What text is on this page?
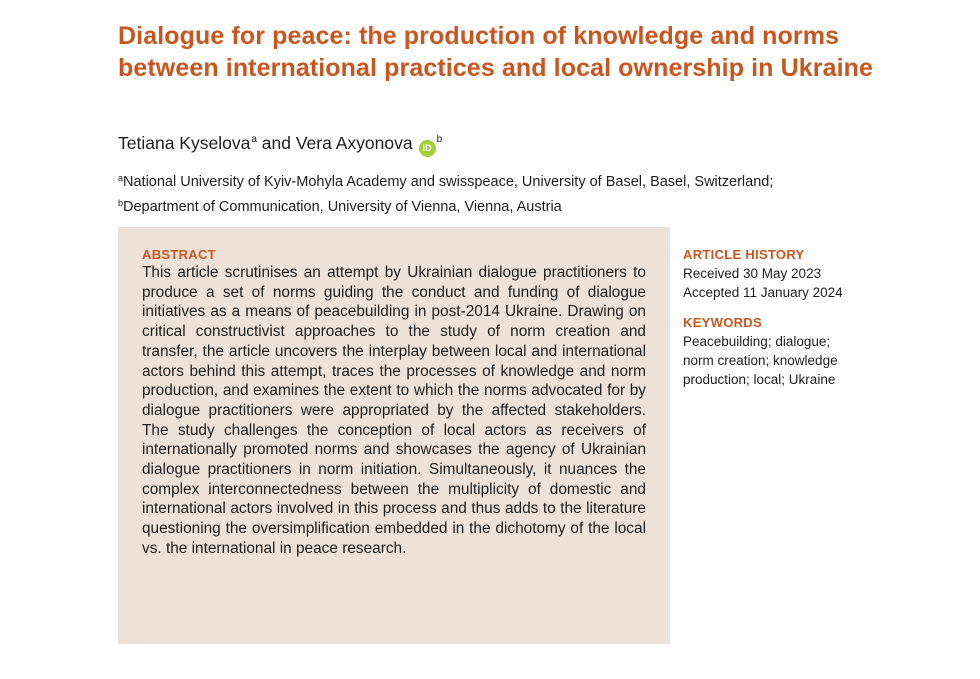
Dialogue for peace: the production of knowledge and norms between international practices and local ownership in Ukraine
Tetiana Kyselova$^a$ and Vera Axyonova $iD^b$
$^a$National University of Kyiv-Mohyla Academy and swisspeace, University of Basel, Basel, Switzerland;
$^b$Department of Communication, University of Vienna, Vienna, Austria
ABSTRACT
This article scrutinises an attempt by Ukrainian dialogue practitioners to produce a set of norms guiding the conduct and funding of dialogue initiatives as a means of peacebuilding in post-2014 Ukraine. Drawing on critical constructivist approaches to the study of norm creation and transfer, the article uncovers the interplay between local and international actors behind this attempt, traces the processes of knowledge and norm production, and examines the extent to which the norms advocated for by dialogue practitioners were appropriated by the affected stakeholders. The study challenges the conception of local actors as receivers of internationally promoted norms and showcases the agency of Ukrainian dialogue practitioners in norm initiation. Simultaneously, it nuances the complex interconnectedness between the multiplicity of domestic and international actors involved in this process and thus adds to the literature questioning the oversimplification embedded in the dichotomy of the local vs. the international in peace research.
ARTICLE HISTORY
Received 30 May 2023
Accepted 11 January 2024
KEYWORDS
Peacebuilding; dialogue;
norm creation; knowledge
production; local; Ukraine
